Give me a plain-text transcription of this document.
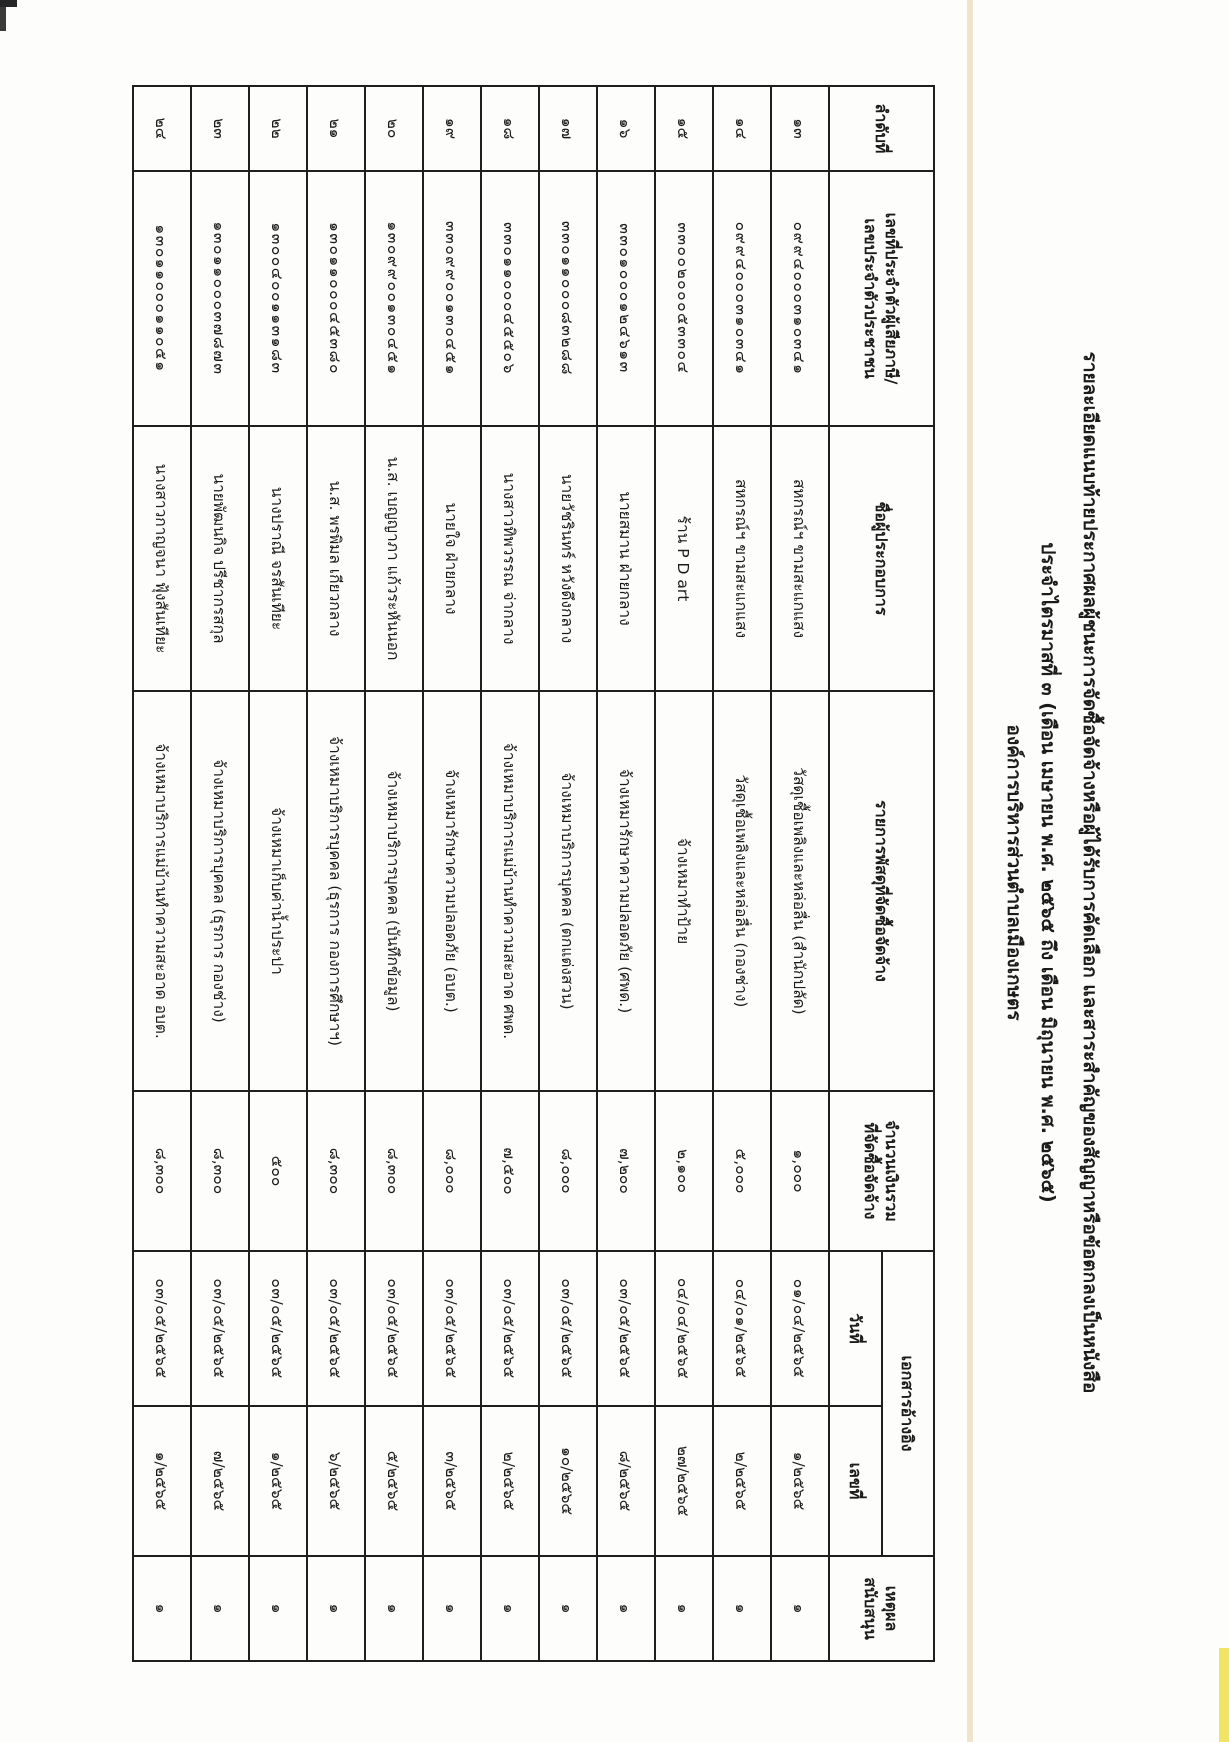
รายละเอียดแนบท้ายประกาศผลผู้ชนะการจัดซื้อจัดจ้างหรือผู้ได้รับการคัดเลือก และสาระสำคัญของสัญญาหรือข้อตกลงเป็นหนังสือ
ประจำไตรมาสที่ ๓ (เดือน เมษายน พ.ศ. ๒๕๖๕ ถึง เดือน มิถุนายน พ.ศ. ๒๕๖๕)
องค์การบริหารส่วนตำบลเมืองเกษตร
ลำดับที่	
เลขที่ประจำตัวผู้เสียภาษี/
เลขประจำตัวประชาชน
	ชื่อผู้ประกอบการ	รายการพัสดุที่จัดซื้อจัดจ้าง	
จำนวนเงินรวม
ที่จัดซื้อจัดจ้าง
	เอกสารอ้างอิง	
เหตุผล
สนับสนุน

					วันที่	เลขที่	
๑๓	๐๙๙๔๐๐๐๓๑๐๓๔๑	สหกรณ์ฯ ขามสะแกแสง	วัสดุเชื้อเพลิงและหล่อลื่น (สำนักปลัด)	๑,๐๐๐	๐๑/๐๔/๒๕๖๕	๑/๒๕๖๕	๑
๑๔	๐๙๙๔๐๐๐๓๑๐๓๔๑	สหกรณ์ฯ ขามสะแกแสง	วัสดุเชื้อเพลิงและหล่อลื่น (กองช่าง)	๕,๐๐๐	๐๔/๐๑/๒๕๖๕	๒/๒๕๖๕	๑
๑๕	๓๓๐๐๒๐๐๐๕๓๓๐๔	ร้าน P D art	จ้างเหมาทำป้าย	๒,๑๐๐	๐๔/๐๔/๒๕๖๕	๒๗/๒๕๖๕	๑
๑๖	๓๓๐๑๐๐๐๑๒๔๖๑๓	นายสมาน ฝ่ายกลาง	จ้างเหมารักษาความปลอดภัย (ศพด.)	๗,๒๐๐	๐๓/๐๕/๒๕๖๕	๘/๒๕๖๕	๑
๑๗	๓๓๐๑๑๐๐๐๘๓๒๘๘	นายวัชรินทร์ หวังดึงกลาง	จ้างเหมาบริการบุคคล (ตกแต่งสวน)	๘,๐๐๐	๐๓/๐๕/๒๕๖๕	๑๐/๒๕๖๕	๑
๑๘	๓๓๐๑๑๐๐๐๔๕๕๐๖	นางสาวทิพวรรณ จ่ากลาง	จ้างเหมาบริการแม่บ้านทำความสะอาด ศพด.	๗,๕๐๐	๐๓/๐๕/๒๕๖๕	๒/๒๕๖๕	๑
๑๙	๓๓๐๙๙๐๐๑๓๐๔๕๑	นายใจ ฝ่ายกลาง	จ้างเหมารักษาความปลอดภัย (อบต.)	๘,๐๐๐	๐๓/๐๕/๒๕๖๕	๓/๒๕๖๕	๑
๒๐	๑๓๐๙๙๐๐๑๓๐๔๕๑	น.ส. เบญญาภา แก้วระหันนอก	จ้างเหมาบริการบุคคล (บันทึกข้อมูล)	๘,๓๐๐	๐๓/๐๕/๒๕๖๕	๕/๒๕๖๕	๑
๒๑	๑๓๐๑๑๐๐๐๔๕๓๘๐	น.ส. พรพิมล เกียวกลาง	จ้างเหมาบริการบุคคล (ธุรการ กองการศึกษาฯ)	๘,๓๐๐	๐๓/๐๕/๒๕๖๕	๖/๒๕๖๕	๑
๒๒	๑๓๐๐๔๐๐๑๑๓๑๘๓	นางปราณี จรสันเทียะ	จ้างเหมาเก็บค่าน้ำประปา	๕๐๐	๐๓/๐๕/๒๕๖๕	๑/๒๕๖๕	๑
๒๓	๑๓๐๑๑๐๐๐๓๗๘๗๓	นายพัฒนกิจ ปรีชากรสกุล	จ้างเหมาบริการบุคคล (ธุรการ กองช่าง)	๘,๓๐๐	๐๓/๐๕/๒๕๖๕	๗/๒๕๖๕	๑
๒๔	๑๓๐๑๑๐๐๐๑๑๐๕๑	นางสาวกาญจนา ฟุ้งสันเทียะ	จ้างเหมาบริการแม่บ้านทำความสะอาด อบต.	๘,๓๐๐	๐๓/๐๕/๒๕๖๕	๑/๒๕๖๕	๑
